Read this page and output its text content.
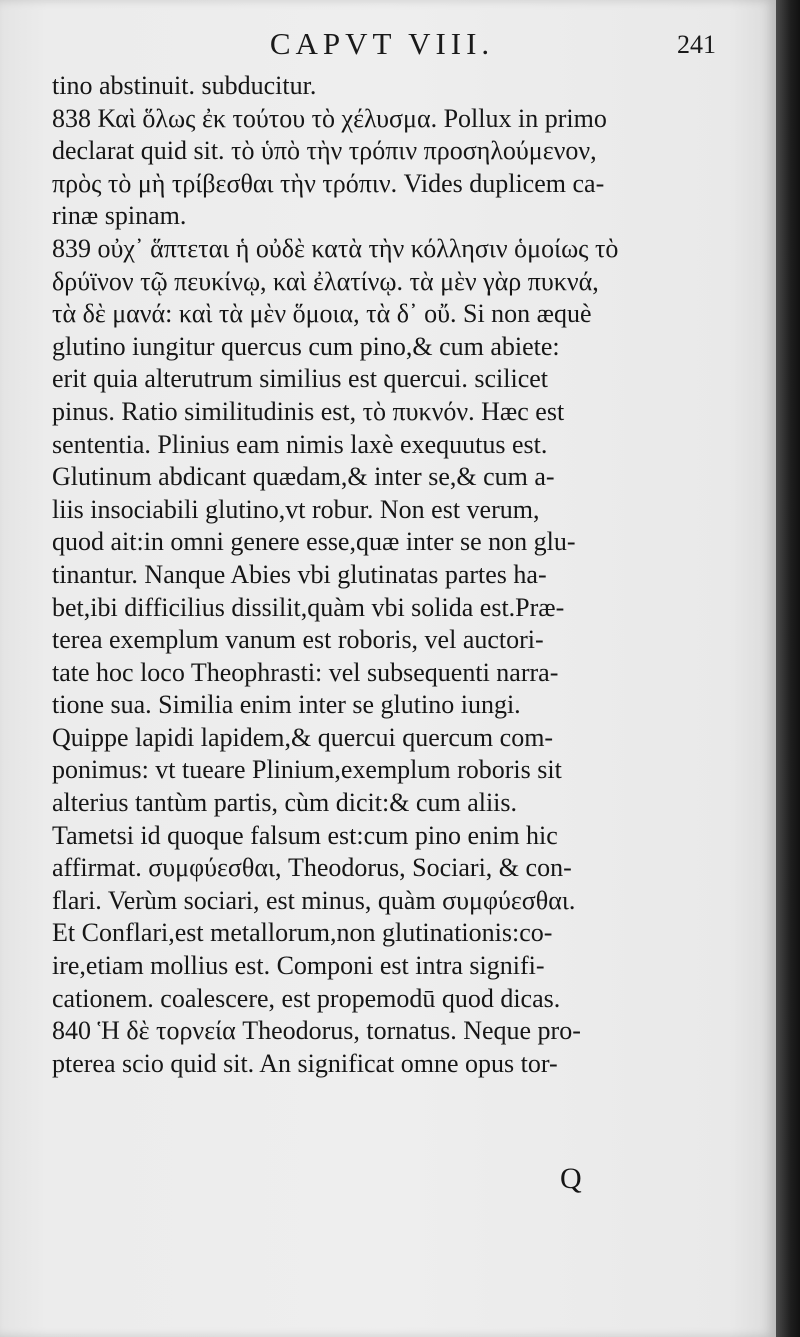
CAPVT VIII.	241
tino abstinuit. subducitur.
838 Καὶ ὅλως ἐκ τούτου τὸ χέλυσμα. Pollux in primo
declarat quid sit. τὸ ὑπὸ τὴν τρόπιν προσηλούμενον,
πρὸς τὸ μὴ τρίβεσθαι τὴν τρόπιν. Vides duplicem ca-
rinæ spinam.
839 οὐχ᾽ ἅπτεται ἡ οὐδὲ κατὰ τὴν κόλλησιν ὁμοίως τὸ
δρύϊνον τῷ πευκίνῳ, καὶ ἐλατίνῳ. τὰ μὲν γὰρ πυκνά,
τὰ δὲ μανά: καὶ τὰ μὲν ὅμοια, τὰ δ᾽ οὔ. Si non æquè
glutino iungitur quercus cum pino,& cum abiete:
erit quia alterutrum similius est quercui. scilicet
pinus. Ratio similitudinis est, τὸ πυκνόν. Hæc est
sententia. Plinius eam nimis laxè exequutus est.
Glutinum abdicant quædam,& inter se,& cum a-
liis insociabili glutino,vt robur. Non est verum,
quod ait:in omni genere esse,quæ inter se non glu-
tinantur. Nanque Abies vbi glutinatas partes ha-
bet,ibi difficilius dissilit,quàm vbi solida est.Præ-
terea exemplum vanum est roboris, vel auctori-
tate hoc loco Theophrasti: vel subsequenti narra-
tione sua. Similia enim inter se glutino iungi.
Quippe lapidi lapidem,& quercui quercum com-
ponimus: vt tueare Plinium,exemplum roboris sit
alterius tantùm partis, cùm dicit:& cum aliis.
Tametsi id quoque falsum est:cum pino enim hic
affirmat. συμφύεσθαι, Theodorus, Sociari, & con-
flari. Verùm sociari, est minus, quàm συμφύεσθαι.
Et Conflari,est metallorum,non glutinationis:co-
ire,etiam mollius est. Componi est intra signifi-
cationem. coalescere, est propemodū quod dicas.
840 Ἡ δὲ τορνεία Theodorus, tornatus. Neque pro-
pterea scio quid sit. An significat omne opus tor-
Q
